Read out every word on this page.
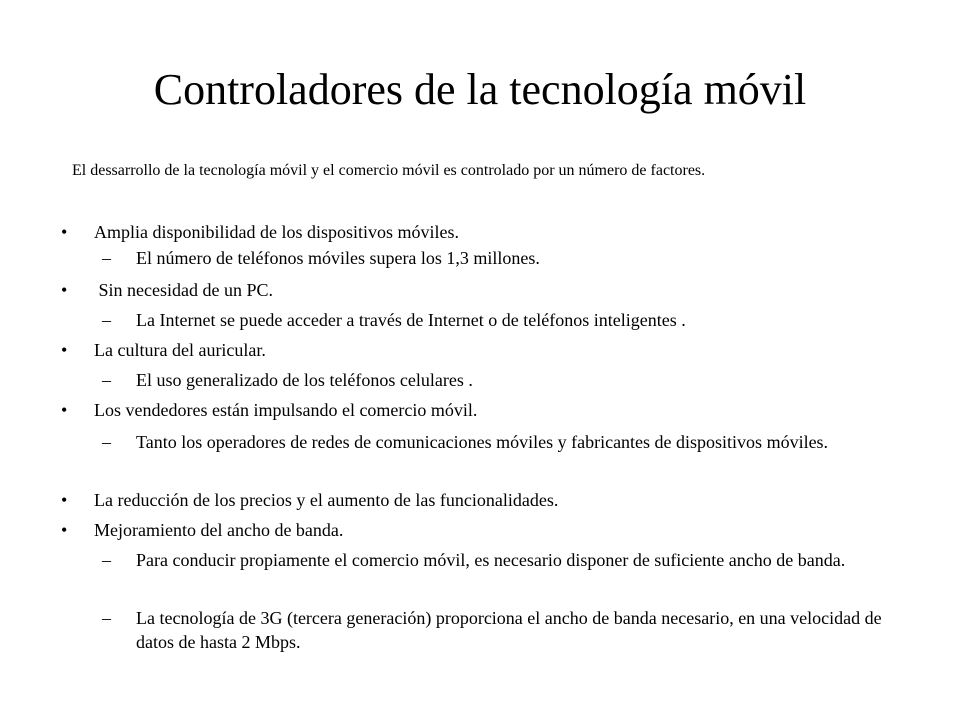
Controladores de la tecnología móvil

El dessarrollo de la tecnología móvil y el comercio móvil es controlado por un número de factores.

• Amplia disponibilidad de los dispositivos móviles.
– El número de teléfonos móviles supera los 1,3 millones.
• Sin necesidad de un PC.
– La Internet se puede acceder a través de Internet o de teléfonos inteligentes .
• La cultura del auricular.
– El uso generalizado de los teléfonos celulares .
• Los vendedores están impulsando el comercio móvil.
– Tanto los operadores de redes de comunicaciones móviles y fabricantes de dispositivos móviles.
• La reducción de los precios y el aumento de las funcionalidades.
• Mejoramiento del ancho de banda.
– Para conducir propiamente el comercio móvil, es necesario disponer de suficiente ancho de banda.
– La tecnología de 3G (tercera generación) proporciona el ancho de banda necesario, en una velocidad de datos de hasta 2 Mbps.
